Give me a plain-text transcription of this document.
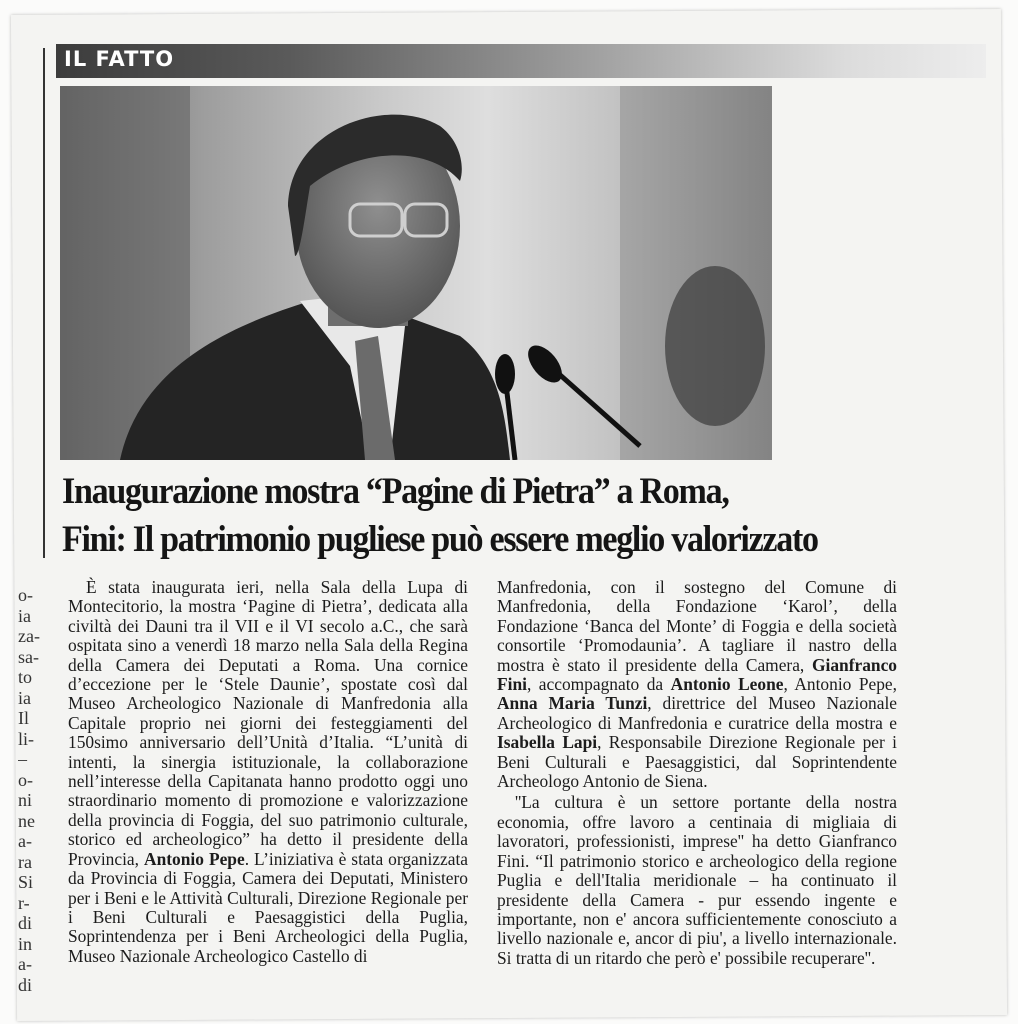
o-
ia
za-
sa-
to
ia
Il
li-
–
o-
ni
ne
a-
ra
Si
r-
di
in
a-
di
IL FATTO
Inaugurazione mostra “Pagine di Pietra” a Roma,
Fini: Il patrimonio pugliese può essere meglio valorizzato

È stata inaugurata ieri, nella Sala della Lupa di Montecitorio, la mostra ‘Pagine di Pietra’, dedicata alla civiltà dei Dauni tra il VII e il VI secolo a.C., che sarà ospitata sino a venerdì 18 marzo nella Sala della Regina della Camera dei Deputati a Roma. Una cornice d’eccezione per le ‘Stele Daunie’, spostate così dal Museo Archeologico Nazionale di Manfredonia alla Capitale proprio nei giorni dei festeggiamenti del 150simo anniversario dell’Unità d’Italia. “L’unità di intenti, la sinergia istituzionale, la collaborazione nell’interesse della Capitanata hanno prodotto oggi uno straordinario momento di promozione e valorizzazione della provincia di Foggia, del suo patrimonio culturale, storico ed archeologico” ha detto il presidente della Provincia, Antonio Pepe. L’iniziativa è stata organizzata da Provincia di Foggia, Camera dei Deputati, Ministero per i Beni e le Attività Culturali, Direzione Regionale per i Beni Culturali e Paesaggistici della Puglia, Soprintendenza per i Beni Archeologici della Puglia, Museo Nazionale Archeologico Castello di

Manfredonia, con il sostegno del Comune di Manfredonia, della Fondazione ‘Karol’, della Fondazione ‘Banca del Monte’ di Foggia e della società consortile ‘Promodaunia’. A tagliare il nastro della mostra è stato il presidente della Camera, Gianfranco Fini, accompagnato da Antonio Leone, Antonio Pepe, Anna Maria Tunzi, direttrice del Museo Nazionale Archeologico di Manfredonia e curatrice della mostra e Isabella Lapi, Responsabile Direzione Regionale per i Beni Culturali e Paesaggistici, dal Soprintendente Archeologo Antonio de Siena.

''La cultura è un settore portante della nostra economia, offre lavoro a centinaia di migliaia di lavoratori, professionisti, imprese'' ha detto Gianfranco Fini. “Il patrimonio storico e archeologico della regione Puglia e dell'Italia meridionale – ha continuato il presidente della Camera - pur essendo ingente e importante, non e' ancora sufficientemente conosciuto a livello nazionale e, ancor di piu', a livello internazionale. Si tratta di un ritardo che però e' possibile recuperare''.
